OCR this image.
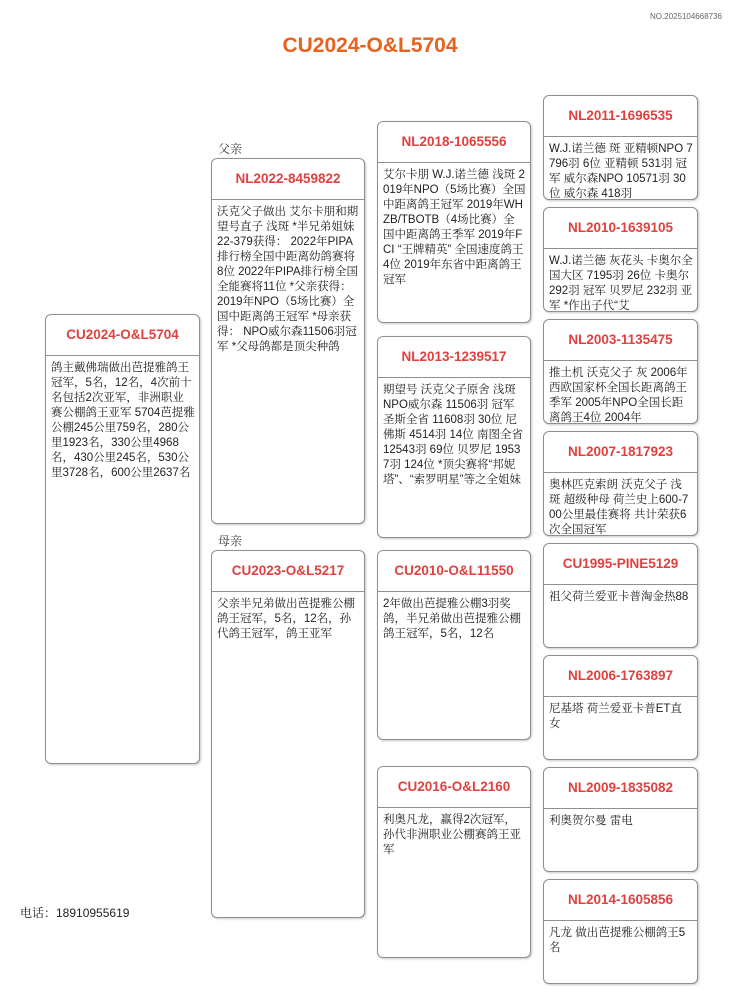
NO.20251046687​36
CU2024-O&L5704
父亲
母亲
CU2024-O&L5704
鸽主戴佛瑞做出芭提雅鸽王冠军，5名，12名，4次前十名包括2次亚军，非洲职业赛公棚鸽王亚军 5704芭提雅公棚245公里759名，280公里1923名，330公里4968名，430公里245名，530公里3728名，600公里2637名
NL2022-8459822
沃克父子做出 艾尔卡朋和期望号直子 浅斑 *半兄弟姐妹22-379获得： 2022年PIPA排行榜全国中距离幼鸽赛将8位 2022年PIPA排行榜全国全能赛将11位 *父亲获得： 2019年NPO（5场比赛）全国中距离鸽王冠军 *母亲获得： NPO威尔森11506羽冠军 *父母鸽都是顶尖种鸽
CU2023-O&L5217
父亲半兄弟做出芭提雅公棚鸽王冠军，5名，12名，孙代鸽王冠军，鸽王亚军
NL2018-1065556
艾尔卡朋 W.J.诺兰德 浅斑 2019年NPO（5场比赛）全国中距离鸽王冠军 2019年WHZB/TBOTB（4场比赛）全国中距离鸽王季军 2019年FCI “王牌精英” 全国速度鸽王4位 2019年东省中距离鸽王冠军
NL2013-1239517
期望号 沃克父子原舍 浅斑 NPO威尔森 11506羽 冠军 圣斯全省 11608羽 30位 尼佛斯 4514羽 14位 南图全省 12543羽 69位 贝罗尼 19537羽 124位 *顶尖赛将“邦妮塔”、“索罗明星”等之全姐妹
CU2010-O&L11550
2年做出芭提雅公棚3羽奖鸽，半兄弟做出芭提雅公棚鸽王冠军，5名，12名
CU2016-O&L2160
利奥凡龙，赢得2次冠军，孙代非洲职业公棚赛鸽王亚军
NL2011-1696535
W.J.诺兰德 斑 亚精顿NPO 7796羽 6位 亚精顿 531羽 冠军 威尔森NPO 10571羽 30位 威尔森 418羽
NL2010-1639105
W.J.诺兰德 灰花头 卡奥尔全国大区 7195羽 26位 卡奥尔 292羽 冠军 贝罗尼 232羽 亚军 *作出子代“艾
NL2003-1135475
推土机 沃克父子 灰 2006年西欧国家杯全国长距离鸽王季军 2005年NPO全国长距离鸽王4位 2004年
NL2007-1817923
奥林匹克索朗 沃克父子 浅斑 超级种母 荷兰史上600-700公里最佳赛将 共计荣获6次全国冠军
CU1995-PINE5129
祖父荷兰爱亚卡普淘金热88
NL2006-1763897
尼基塔 荷兰爱亚卡普ET直女
NL2009-1835082
利奥贺尔曼 雷电
NL2014-1605856
凡龙 做出芭提雅公棚鸽王5名
电话：18910955619
